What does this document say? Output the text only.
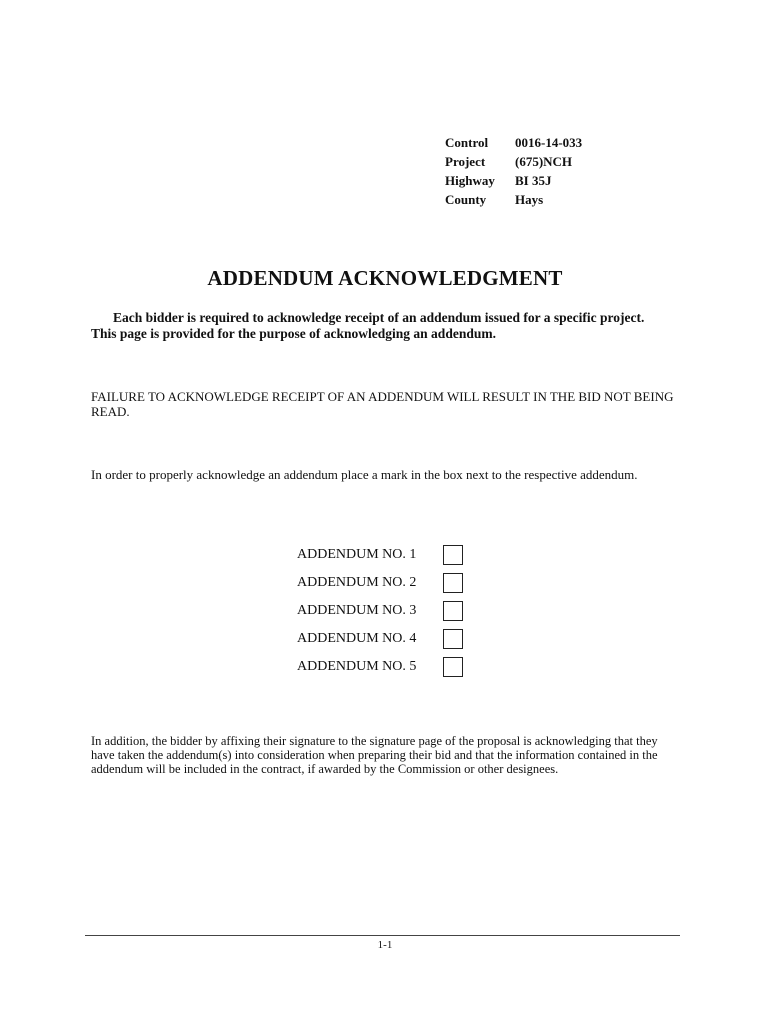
Control	0016-14-033
Project	(675)NCH
Highway	BI 35J
County	Hays
ADDENDUM ACKNOWLEDGMENT
Each bidder is required to acknowledge receipt of an addendum issued for a specific project. This page is provided for the purpose of acknowledging an addendum.
FAILURE TO ACKNOWLEDGE RECEIPT OF AN ADDENDUM WILL RESULT IN THE BID NOT BEING READ.
In order to properly acknowledge an addendum place a mark in the box next to the respective addendum.
ADDENDUM NO. 1
ADDENDUM NO. 2
ADDENDUM NO. 3
ADDENDUM NO. 4
ADDENDUM NO. 5
In addition, the bidder by affixing their signature to the signature page of the proposal is acknowledging that they have taken the addendum(s) into consideration when preparing their bid and that the information contained in the addendum will be included in the contract, if awarded by the Commission or other designees.
1-1
